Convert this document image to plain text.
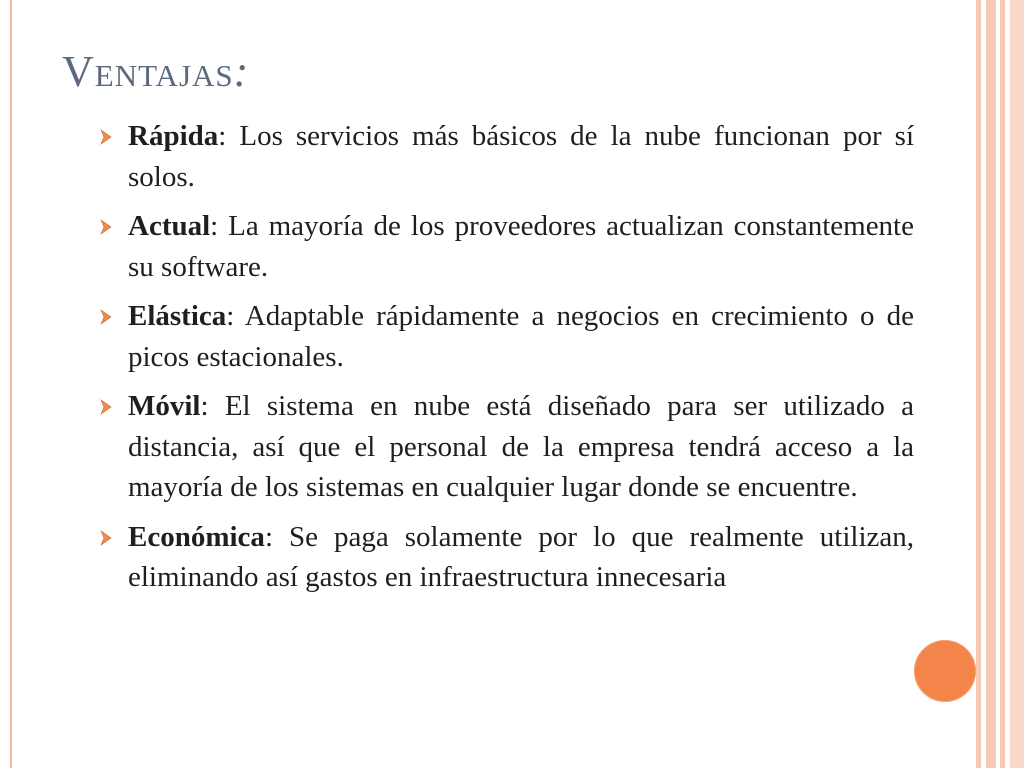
Ventajas:
Rápida: Los servicios más básicos de la nube funcionan por sí solos.
Actual: La mayoría de los proveedores actualizan constantemente su software.
Elástica: Adaptable rápidamente a negocios en crecimiento o de picos estacionales.
Móvil: El sistema en nube está diseñado para ser utilizado a distancia, así que el personal de la empresa tendrá acceso a la mayoría de los sistemas en cualquier lugar donde se encuentre.
Económica: Se paga solamente por lo que realmente utilizan, eliminando así gastos en infraestructura innecesaria
